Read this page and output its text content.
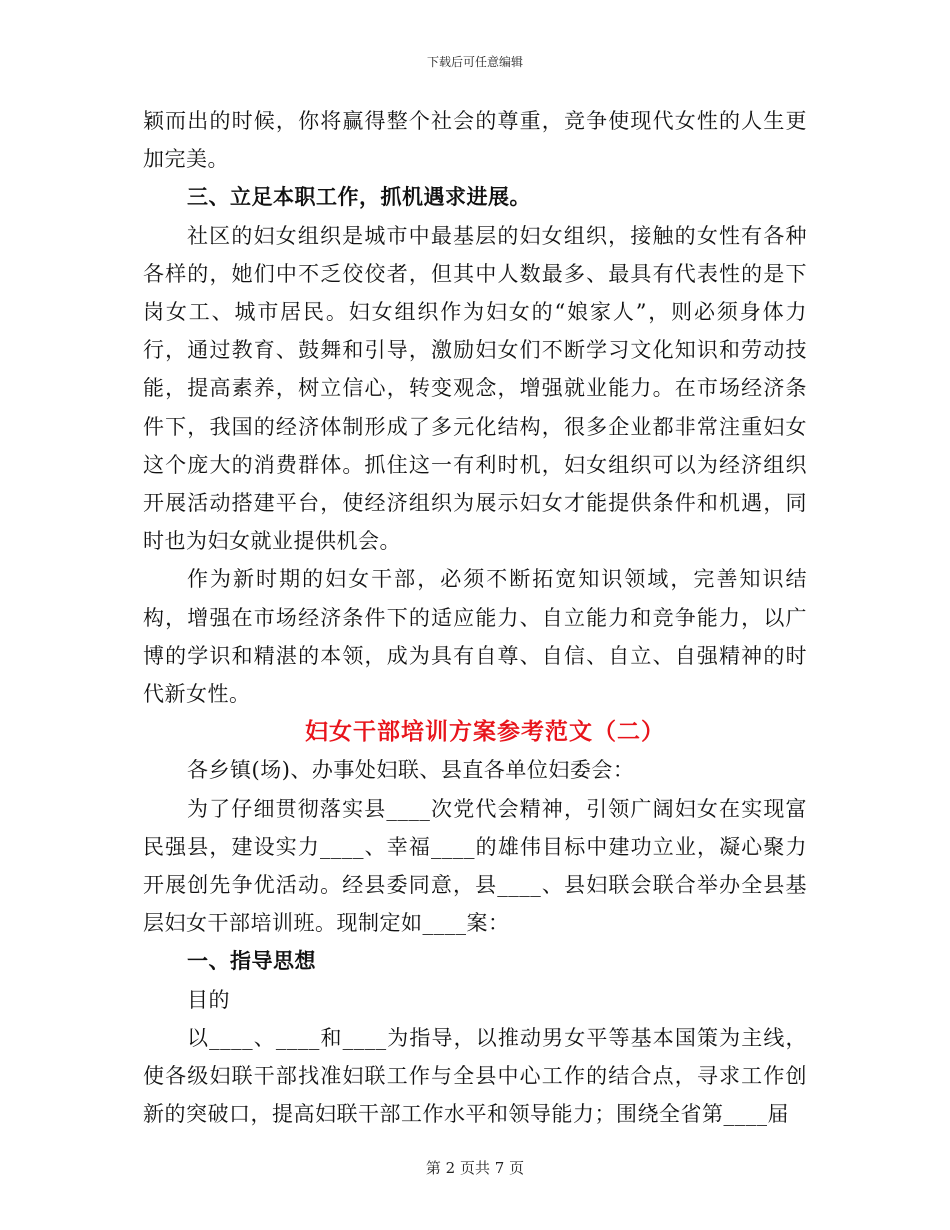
下载后可任意编辑

颖而出的时候，你将赢得整个社会的尊重，竞争使现代女性的人生更加完美。

三、立足本职工作，抓机遇求进展。

社区的妇女组织是城市中最基层的妇女组织，接触的女性有各种各样的，她们中不乏佼佼者，但其中人数最多、最具有代表性的是下岗女工、城市居民。妇女组织作为妇女的“娘家人”，则必须身体力行，通过教育、鼓舞和引导，激励妇女们不断学习文化知识和劳动技能，提高素养，树立信心，转变观念，增强就业能力。在市场经济条件下，我国的经济体制形成了多元化结构，很多企业都非常注重妇女这个庞大的消费群体。抓住这一有利时机，妇女组织可以为经济组织开展活动搭建平台，使经济组织为展示妇女才能提供条件和机遇，同时也为妇女就业提供机会。

作为新时期的妇女干部，必须不断拓宽知识领域，完善知识结构，增强在市场经济条件下的适应能力、自立能力和竞争能力，以广博的学识和精湛的本领，成为具有自尊、自信、自立、自强精神的时代新女性。

妇女干部培训方案参考范文（二）

各乡镇(场)、办事处妇联、县直各单位妇委会：

为了仔细贯彻落实县____次党代会精神，引领广阔妇女在实现富民强县，建设实力____、幸福____的雄伟目标中建功立业，凝心聚力开展创先争优活动。经县委同意，县____、县妇联会联合举办全县基层妇女干部培训班。现制定如____案：

一、指导思想

目的

以____、____和____为指导，以推动男女平等基本国策为主线，使各级妇联干部找准妇联工作与全县中心工作的结合点，寻求工作创新的突破口，提高妇联干部工作水平和领导能力；围绕全省第____届

第 2 页共 7 页
